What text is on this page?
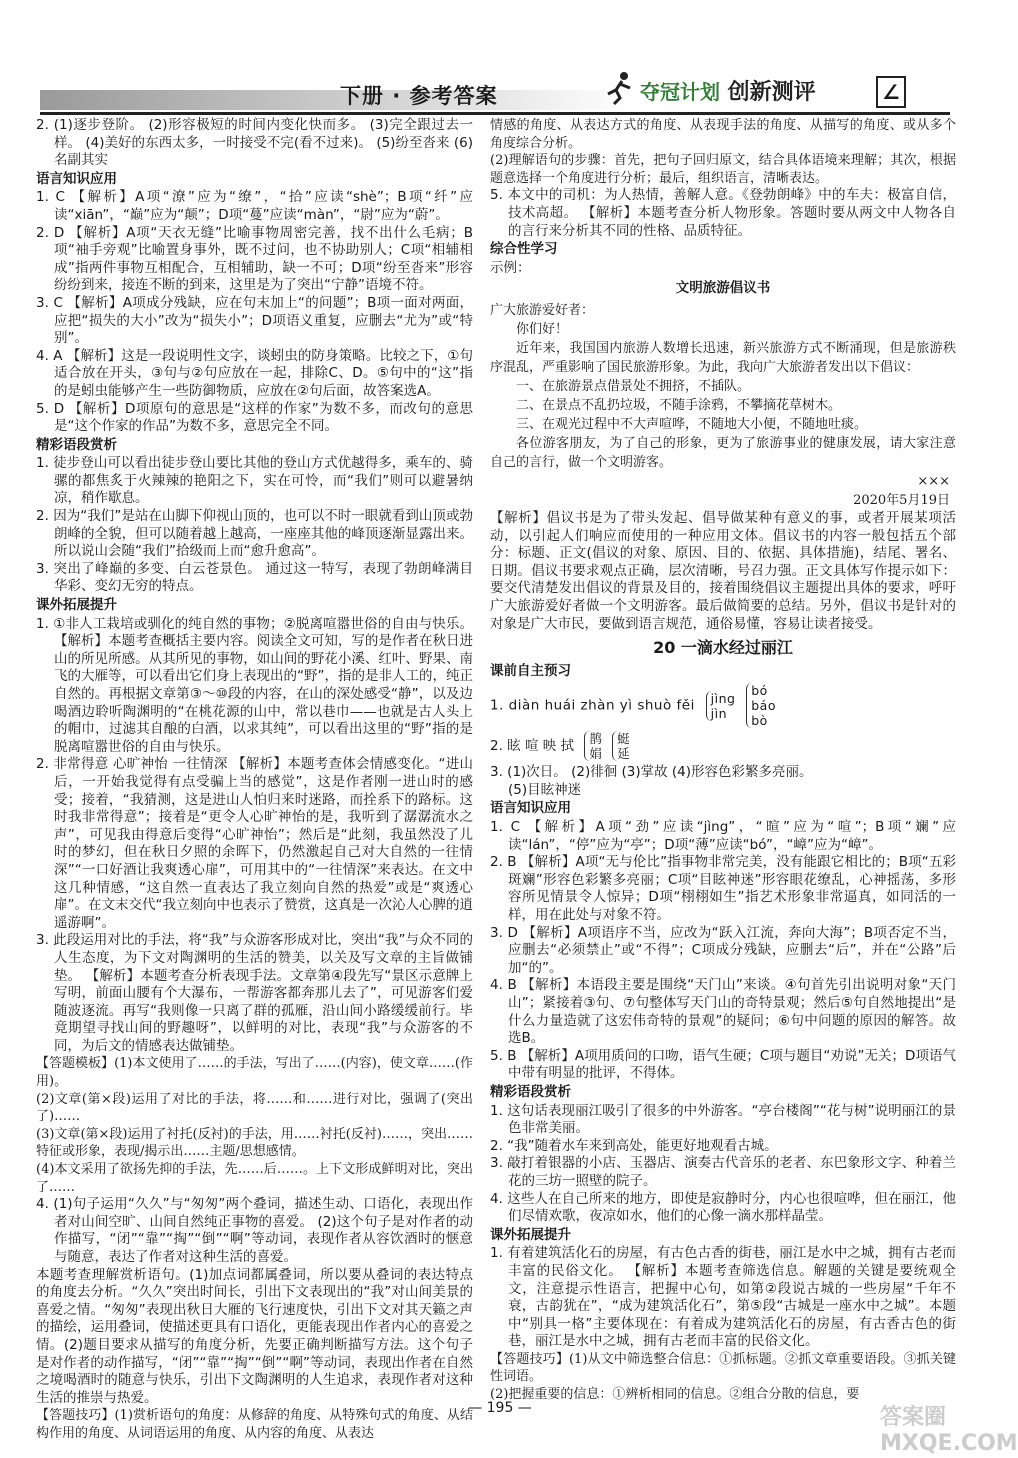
下册 · 参考答案	夺冠计划 创新测评	∠

2. (1)逐步登阶。 (2)形容极短的时间内变化快而多。 (3)完全跟过去一样。 (4)美好的东西太多，一时接受不完(看不过来)。 (5)纷至沓来 (6)名副其实

语言知识应用

1. C 【解析】A项“潦”应为“缭”，“拾”应读“shè”；B项“纤”应读“xiān”，“巅”应为“颠”；D项“蔓”应读“màn”，“尉”应为“蔚”。

2. D 【解析】A项“天衣无缝”比喻事物周密完善，找不出什么毛病；B项“袖手旁观”比喻置身事外，既不过问，也不协助别人；C项“相辅相成”指两件事物互相配合，互相辅助，缺一不可；D项“纷至沓来”形容纷纷到来，接连不断的到来，这里是为了突出“宁静”语境不符。

3. C 【解析】A项成分残缺，应在句末加上“的问题”；B项一面对两面，应把“损失的大小”改为“损失小”；D项语义重复，应删去“尤为”或“特别”。

4. A 【解析】这是一段说明性文字，谈蚓虫的防身策略。比较之下，①句适合放在开头，③句与②句应放在一起，排除C、D。⑤句中的“这”指的是蚓虫能够产生一些防御物质，应放在②句后面，故答案选A。

5. D 【解析】D项原句的意思是“这样的作家”为数不多，而改句的意思是“这个作家的作品”为数不多，意思完全不同。

精彩语段赏析

1. 徒步登山可以看出徒步登山要比其他的登山方式优越得多，乘车的、骑骡的都焦炙于火辣辣的艳阳之下，实在可怜，而“我们”则可以避暑纳凉，稍作歇息。

2. 因为“我们”是站在山脚下仰视山顶的，也可以不时一眼就看到山顶或勃朗峰的全貌，但可以随着越上越高，一座座其他的峰顶逐渐显露出来。所以说山会随“我们”拾级而上而“愈升愈高”。

3. 突出了峰巅的多变、白云苍景色。 通过这一特写，表现了勃朗峰满目华彩、变幻无穷的特点。

课外拓展提升

1. ①非人工栽培或驯化的纯自然的事物；②脱离喧嚣世俗的自由与快乐。 【解析】本题考查概括主要内容。阅读全文可知，写的是作者在秋日进山的所见所感。从其所见的事物，如山间的野花小溪、红叶、野果、南飞的大雁等，可以看出它们身上表现出的“野”，指的是非人工的，纯正自然的。再根据文章第③～⑩段的内容，在山的深处感受“静”，以及边喝酒边聆听陶渊明的“在桃花源的山中，常以巷巾——也就是古人头上的帽巾，过滤其自酿的白酒，以求其纯”，可以看出这里的“野”指的是脱离喧嚣世俗的自由与快乐。

2. 非常得意 心旷神怡 一往情深 【解析】本题考查体会情感变化。“进山后，一开始我觉得有点受骗上当的感觉”，这是作者刚一进山时的感受；接着，“我猜测，这是进山人怕归来时迷路，而拴系下的路标。这时我非常得意”；接着是“更令人心旷神怡的是，我听到了潺潺流水之声”，可见我由得意后变得“心旷神怡”；然后是“此刻，我虽然没了儿时的梦幻，但在秋日夕照的余晖下，仍然激起自己对大自然的一往情深”“一口好酒让我爽透心扉”，可用其中的“一往情深”来表达。在文中这几种情感，“这自然一直表达了我立刻向自然的热爱”或是“爽透心扉”。在文末交代“我立刻向中也表示了赞赏，这真是一次沁人心脾的逍遥游啊”。

3. 此段运用对比的手法，将“我”与众游客形成对比，突出“我”与众不同的人生态度，为下文对陶渊明的生活的赞美，以关及写文章的主旨做铺垫。 【解析】本题考查分析表现手法。文章第④段先写“景区示意牌上写明，前面山腰有个大瀑布，一帮游客都奔那儿去了”，可见游客们爱随波逐流。再写“我则像一只离了群的孤雁，沿山间小路缓缓前行。毕竟期望寻找山间的野趣呀”，以鲜明的对比，表现“我”与众游客的不同，为后文的情感表达做铺垫。

【答题模板】(1)本文使用了……的手法，写出了……(内容)，使文章……(作用)。

(2)文章(第×段)运用了对比的手法，将……和……进行对比，强调了(突出了)……

(3)文章(第×段)运用了衬托(反衬)的手法，用……衬托(反衬)……，突出……特征或形象，表现/揭示出……主题/思想感情。

(4)本文采用了欲扬先抑的手法，先……后……。上下文形成鲜明对比，突出了……

4. (1)句子运用“久久”与“匆匆”两个叠词，描述生动、口语化，表现出作者对山间空旷、山间自然纯正事物的喜爱。 (2)这个句子是对作者的动作描写，“闭”“靠”“掏”“倒”“啊”等动词，表现作者从容饮酒时的惬意与随意，表达了作者对这种生活的喜爱。

本题考查理解赏析语句。(1)加点词都属叠词，所以要从叠词的表达特点的角度去分析。“久久”突出时间长，引出下文表现出的“我”对山间美景的喜爱之情。“匆匆”表现出秋日大雁的飞行速度快，引出下文对其天籁之声的描绘，运用叠词，使描述更具有口语化，更能表现出作者内心的喜爱之情。(2)题目要求从描写的角度分析，先要正确判断描写方法。这个句子是对作者的动作描写，“闭”“靠”“掏”“倒”“啊”等动词，表现出作者在自然之境喝酒时的随意与快乐，引出下文陶渊明的人生追求，表现作者对这种生活的推崇与热爱。

【答题技巧】(1)赏析语句的角度：从修辞的角度、从特殊句式的角度、从结构作用的角度、从词语运用的角度、从内容的角度、从表达

情感的角度、从表达方式的角度、从表现手法的角度、从描写的角度、或从多个角度综合分析。

(2)理解语句的步骤：首先，把句子回归原文，结合具体语境来理解；其次，根据题意选择一个角度进行分析；最后，组织语言，清晰表达。

5. 本文中的司机：为人热情，善解人意。《登勃朗峰》中的车夫：极富自信，技术高超。 【解析】本题考查分析人物形象。答题时要从两文中人物各自的言行来分析其不同的性格、品质特征。

综合性学习

示例：

文明旅游倡议书

广大旅游爱好者：

你们好！

近年来，我国国内旅游人数增长迅速，新兴旅游方式不断涌现，但是旅游秩序混乱，严重影响了国民旅游形象。为此，我向广大旅游者发出以下倡议：

一、在旅游景点借景处不拥挤，不插队。

二、在景点不乱扔垃圾，不随手涂鸦，不攀摘花草树木。

三、在观光过程中不大声喧哗，不随地大小便，不随地吐痰。

各位游客朋友，为了自己的形象，更为了旅游事业的健康发展，请大家注意自己的言行，做一个文明游客。

×××

2020年5月19日

【解析】倡议书是为了带头发起、倡导做某种有意义的事，或者开展某项活动，以引起人们响应而使用的一种应用文体。倡议书的内容一般包括五个部分：标题、正文(倡议的对象、原因、目的、依据、具体措施)，结尾、署名、日期。倡议书要求观点正确，层次清晰，号召力强。正文具体写作提示如下：要交代清楚发出倡议的背景及目的，接着围绕倡议主题提出具体的要求，呼吁广大旅游爱好者做一个文明游客。最后做简要的总结。另外，倡议书是针对的对象是广大市民，要做到语言规范，通俗易懂，容易让读者接受。

20 一滴水经过丽江

课前自主预习

1. diàn huái zhàn yì shuò fěi jìng
jìn bó
báo
bò
2. 眩 喧 映 拭 鹊
娟 蜓
延

3. (1)次日。 (2)徘徊 (3)掌故 (4)形容色彩繁多亮丽。

(5)目眩神迷

语言知识应用

1. C 【解析】A项“劲”应读“jìng”，“暄”应为“喧”；B项“斓”应读“lán”，“停”应为“亭”；D项“薄”应读“bó”，“嶂”应为“嶂”。

2. B 【解析】A项“无与伦比”指事物非常完美，没有能跟它相比的；B项“五彩斑斓”形容色彩繁多亮丽；C项“目眩神迷”形容眼花缭乱，心神摇荡，多形容所见情景令人惊异；D项“栩栩如生”指艺术形象非常逼真，如同活的一样，用在此处与对象不符。

3. D 【解析】A项语序不当，应改为“跃入江流，奔向大海”；B项否定不当，应删去“必须禁止”或“不得”；C项成分残缺，应删去“后”，并在“公路”后加“的”。

4. B 【解析】本语段主要是围绕“天门山”来谈。④句首先引出说明对象“天门山”；紧接着③句、⑦句整体写天门山的奇特景观；然后⑤句自然地提出“是什么力量造就了这宏伟奇特的景观”的疑问；⑥句中问题的原因的解答。故选B。

5. B 【解析】A项用质问的口吻，语气生硬；C项与题目“劝说”无关；D项语气中带有明显的批评，不得体。

精彩语段赏析

1. 这句话表现丽江吸引了很多的中外游客。“亭台楼阁”“花与树”说明丽江的景色非常美丽。

2. “我”随着水车来到高处，能更好地观看古城。

3. 敲打着银器的小店、玉器店、演奏古代音乐的老者、东巴象形文字、种着兰花的三坊一照壁的院子。

4. 这些人在自己所来的地方，即使是寂静时分，内心也很喧哗，但在丽江，他们尽情欢歌，夜凉如水，他们的心像一滴水那样晶莹。

课外拓展提升

1. 有着建筑活化石的房屋，有古色古香的街巷，丽江是水中之城，拥有古老而丰富的民俗文化。 【解析】本题考查筛选信息。解题的关键是要统观全文，注意提示性语言，把握中心句，如第②段说古城的一些房屋“千年不衰，古韵犹在”，“成为建筑活化石”，第⑤段“古城是一座水中之城”。本题中“别具一格”主要体现在：有着成为建筑活化石的房屋，有古香古色的街巷，丽江是水中之城，拥有古老而丰富的民俗文化。

【答题技巧】(1)从文中筛选整合信息：①抓标题。②抓文章重要语段。③抓关键性词语。

(2)把握重要的信息：①辨析相同的信息。②组合分散的信息，要

— 195 —	答案圈 MXQE.COM
